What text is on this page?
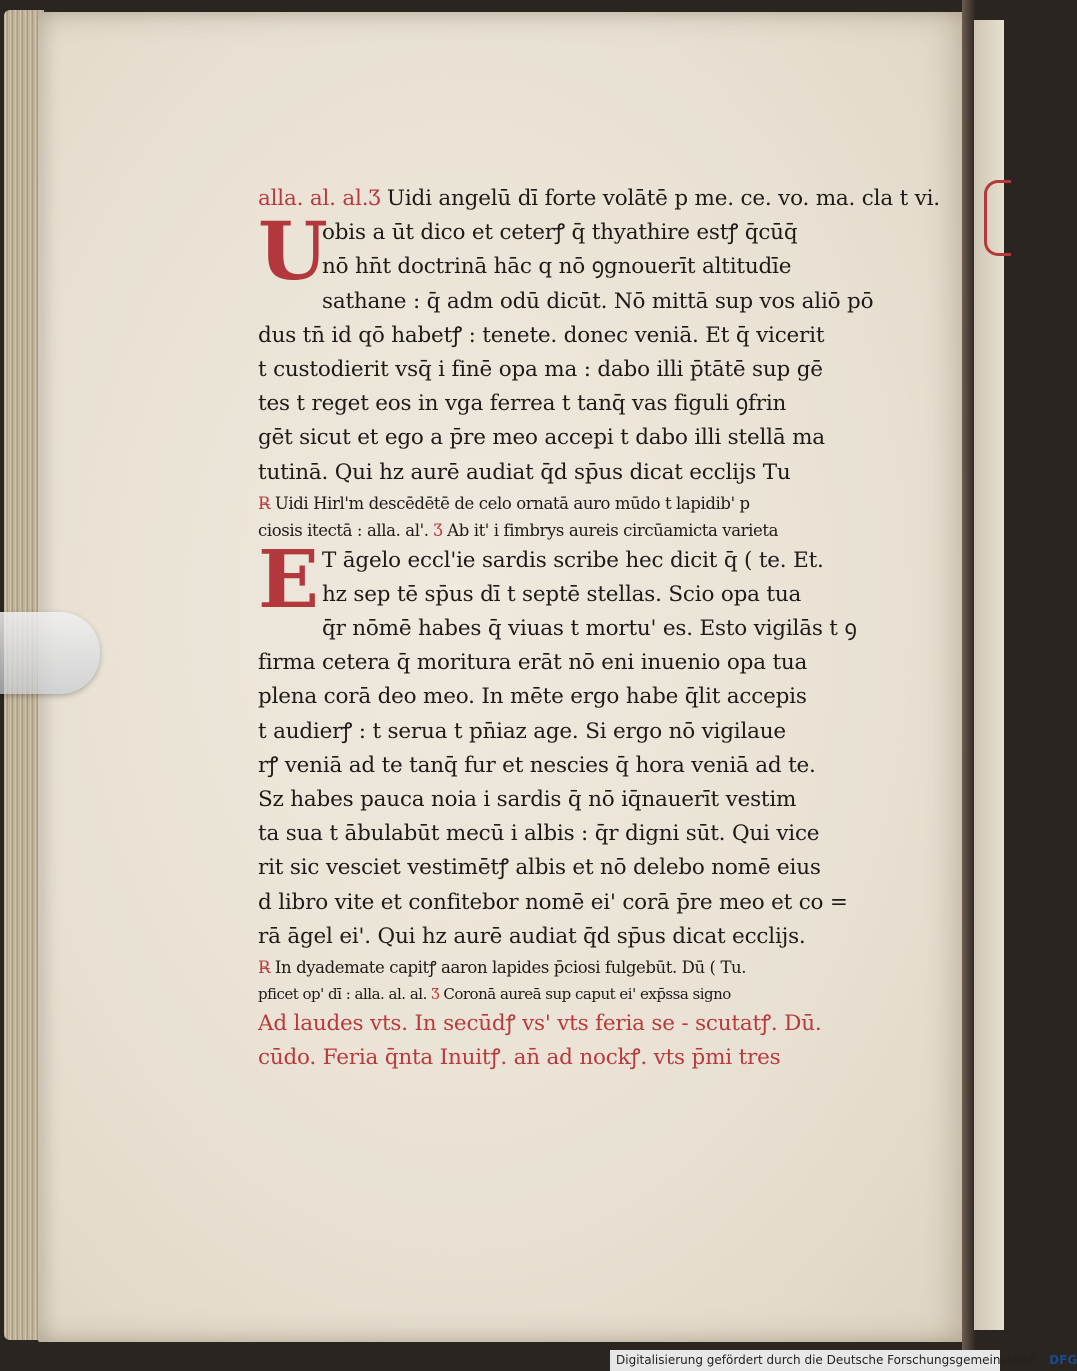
alla. al. al.Ʒ Uidi angelū dī forte volātē p me. ce. vo. ma. cla t vi.
U
obis a ūt dico et ceterꝭ q̄ thyathire estꝭ q̄cūq̄
nō hn̄t doctrinā hāc q nō ꝯgnouerīt altitudīe
sathane : q̄ adm odū dicūt. Nō mittā sup vos aliō pō
dus tn̄ id qō habetꝭ : tenete. donec veniā. Et q̄ vicerit
t custodierit vsq̄ i finē opa ma : dabo illi p̄tātē sup gē
tes t reget eos in vga ferrea t tanq̄ vas figuli ꝯfrin
gēt sicut et ego a p̄re meo accepi t dabo illi stellā ma
tutinā. Qui hz aurē audiat q̄d sp̄us dicat ecclijs Tu
R̶ Uidi Hirl'm descēdētē de celo ornatā auro mūdo t lapidib' p
ciosis itectā : alla. al'. Ʒ Ab it' i fimbrys aureis circūamicta varieta
E T āgelo eccl'ie sardis scribe hec dicit q̄ ( te. Et.
hz sep tē sp̄us dī t septē stellas. Scio opa tua
q̄r nōmē habes q̄ viuas t mortu' es. Esto vigilās t ꝯ
firma cetera q̄ moritura erāt nō eni inuenio opa tua
plena corā deo meo. In mēte ergo habe q̄lit accepis
t audierꝭ : t serua t pn̄iaz age. Si ergo nō vigilaue
rꝭ veniā ad te tanq̄ fur et nescies q̄ hora veniā ad te.
Sz habes pauca noia i sardis q̄ nō iq̄nauerīt vestim
ta sua t ābulabūt mecū i albis : q̄r digni sūt. Qui vice
rit sic vesciet vestimētꝭ albis et nō delebo nomē eius
d libro vite et confitebor nomē ei' corā p̄re meo et co =
rā āgel ei'. Qui hz aurē audiat q̄d sp̄us dicat ecclijs.
R̶ In dyademate capitꝭ aaron lapides p̄ciosi fulgebūt. Dū ( Tu.
pficet op' dī : alla. al. al. Ʒ Coronā aureā sup caput ei' exp̄ssa signo
Ad laudes vts. In secūdꝭ vs' vts feria se - scutatꝭ. Dū.
cūdo. Feria q̄nta Inuitꝭ. an̄ ad nockꝭ. vts p̄mi tres
Digitalisierung gefördert durch die Deutsche Forschungsgemeinschaft - DFG
